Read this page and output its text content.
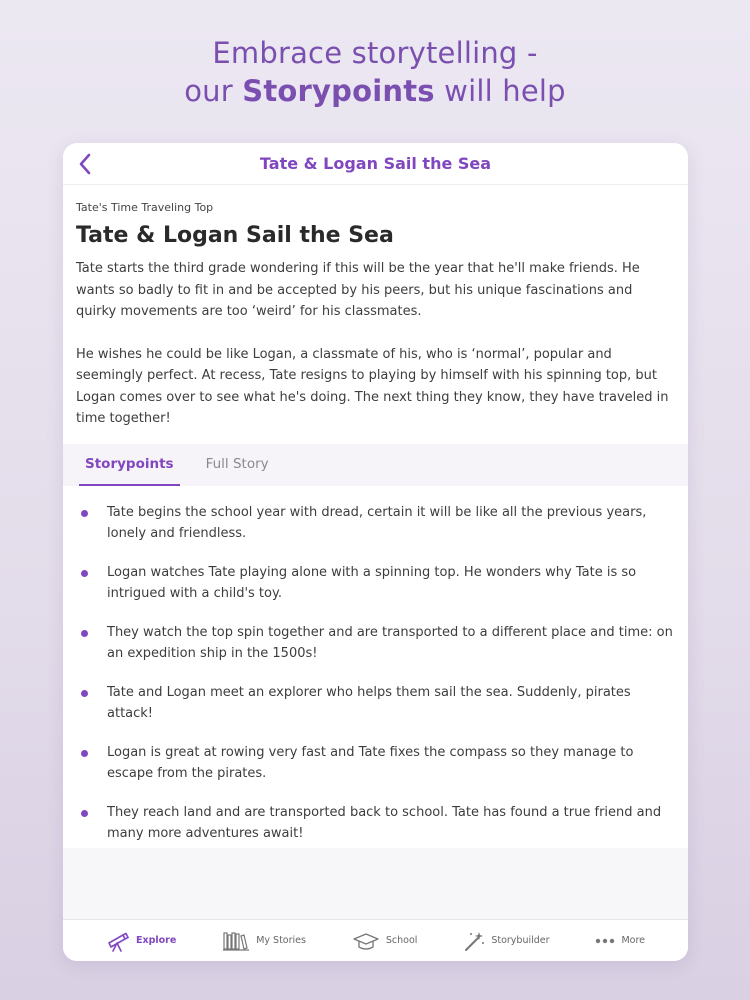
Embrace storytelling -
our Storypoints will help
Tate & Logan Sail the Sea
Tate's Time Traveling Top
Tate & Logan Sail the Sea

Tate starts the third grade wondering if this will be the year that he'll make friends. He wants so badly to fit in and be accepted by his peers, but his unique fascinations and quirky movements are too ‘weird’ for his classmates.

He wishes he could be like Logan, a classmate of his, who is ‘normal’, popular and seemingly perfect. At recess, Tate resigns to playing by himself with his spinning top, but Logan comes over to see what he's doing. The next thing they know, they have traveled in time together!

Storypoints	Full Story
Tate begins the school year with dread, certain it will be like all the previous years, lonely and friendless.
Logan watches Tate playing alone with a spinning top. He wonders why Tate is so intrigued with a child's toy.
They watch the top spin together and are transported to a different place and time: on an expedition ship in the 1500s!
Tate and Logan meet an explorer who helps them sail the sea. Suddenly, pirates attack!
Logan is great at rowing very fast and Tate fixes the compass so they manage to escape from the pirates.
They reach land and are transported back to school. Tate has found a true friend and many more adventures await!
Explore	My Stories	School	Storybuilder	More
